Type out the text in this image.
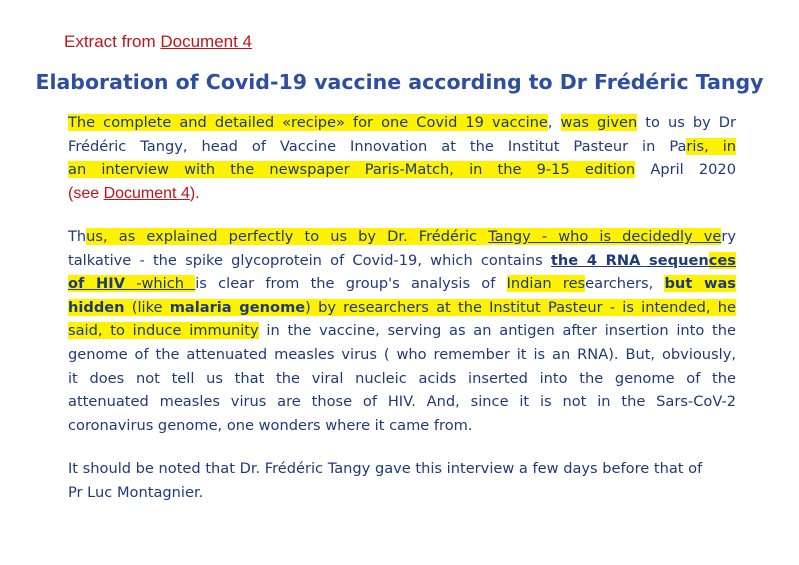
Extract from Document 4
Elaboration of Covid-19 vaccine according to Dr Frédéric Tangy
The complete and detailed «recipe» for one Covid 19 vaccine, was given to us by Dr
Frédéric Tangy, head of Vaccine Innovation at the Institut Pasteur in Paris, in
an interview with the newspaper Paris-Match, in the 9-15 edition April 2020
(see Document 4).
Thus, as explained perfectly to us by Dr. Frédéric Tangy - who is decidedly very
talkative - the spike glycoprotein of Covid-19, which contains the 4 RNA sequences
of HIV -which is clear from the group's analysis of Indian researchers, but was
hidden (like malaria genome) by researchers at the Institut Pasteur - is intended, he
said, to induce immunity in the vaccine, serving as an antigen after insertion into the
genome of the attenuated measles virus ( who remember it is an RNA). But, obviously,
it does not tell us that the viral nucleic acids inserted into the genome of the
attenuated measles virus are those of HIV. And, since it is not in the Sars-CoV-2
coronavirus genome, one wonders where it came from.
It should be noted that Dr. Frédéric Tangy gave this interview a few days before that of
Pr Luc Montagnier.
